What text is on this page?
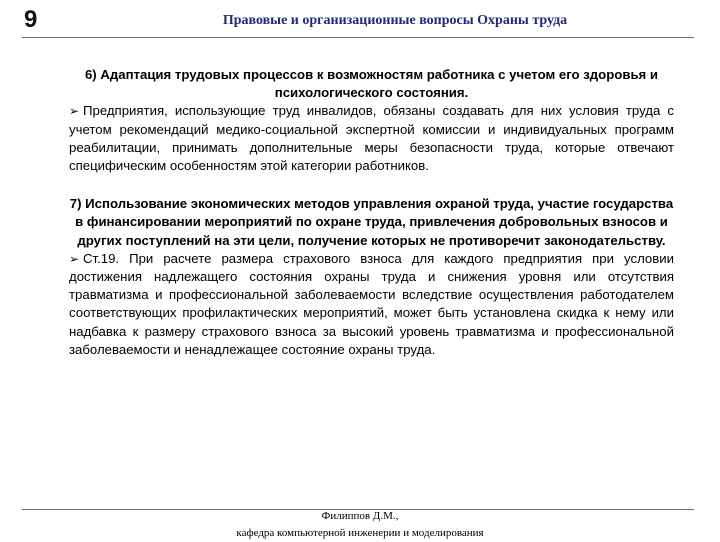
9	Правовые и организационные вопросы Охраны труда

6) Адаптация трудовых процессов к возможностям работника с учетом его здоровья и психологического состояния.

➢ Предприятия, использующие труд инвалидов, обязаны создавать для них условия труда с учетом рекомендаций медико-социальной экспертной комиссии и индивидуальных программ реабилитации, принимать дополнительные меры безопасности труда, которые отвечают специфическим особенностям этой категории работников.

7) Использование экономических методов управления охраной труда, участие государства в финансировании мероприятий по охране труда, привлечения добровольных взносов и других поступлений на эти цели, получение которых не противоречит законодательству.

➢ Ст.19. При расчете размера страхового взноса для каждого предприятия при условии достижения надлежащего состояния охраны труда и снижения уровня или отсутствия травматизма и профессиональной заболеваемости вследствие осуществления работодателем соответствующих профилактических мероприятий, может быть установлена скидка к нему или надбавка к размеру страхового взноса за высокий уровень травматизма и профессиональной заболеваемости и ненадлежащее состояние охраны труда.

Филиппов Д.М.,
кафедра компьютерной инженерии и моделирования
